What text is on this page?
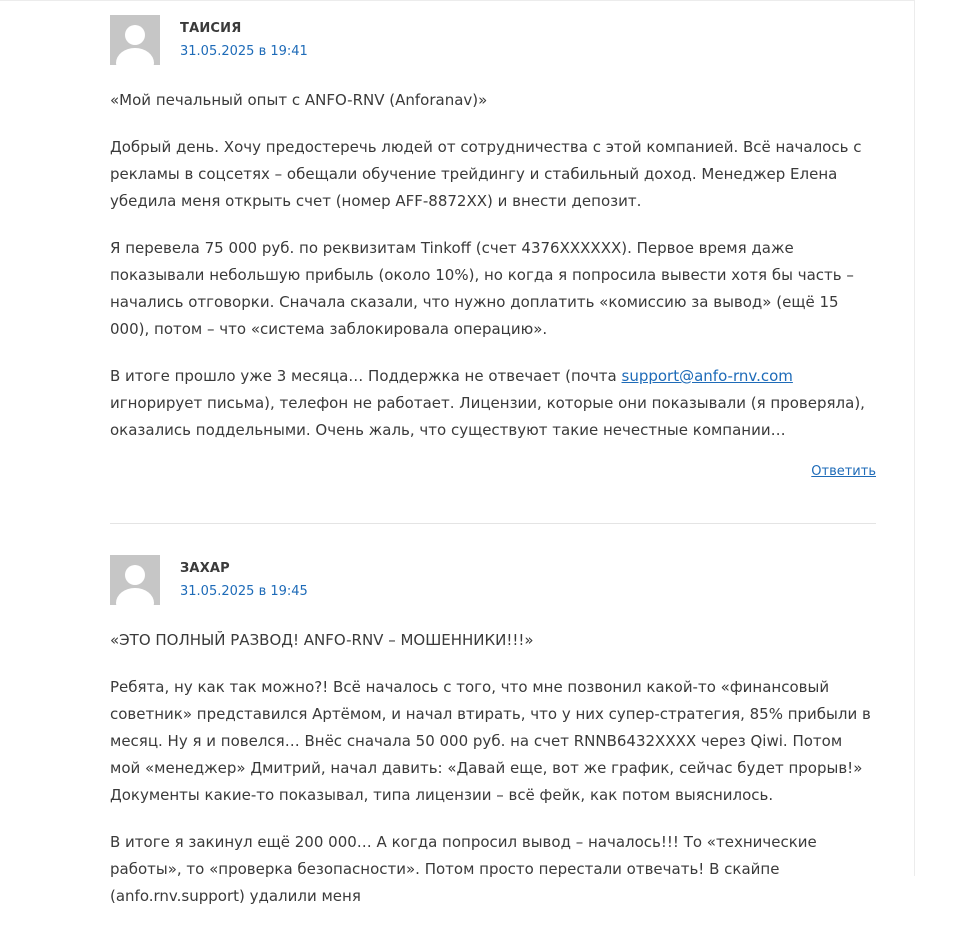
ТАИСИЯ
31.05.2025 в 19:41

«Мой печальный опыт с ANFO-RNV (Anforanav)»

Добрый день. Хочу предостеречь людей от сотрудничества с этой компанией. Всё началось с рекламы в соцсетях – обещали обучение трейдингу и стабильный доход. Менеджер Елена убедила меня открыть счет (номер AFF-8872XX) и внести депозит.

Я перевела 75 000 руб. по реквизитам Tinkoff (счет 4376XXXXXX). Первое время даже показывали небольшую прибыль (около 10%), но когда я попросила вывести хотя бы часть – начались отговорки. Сначала сказали, что нужно доплатить «комиссию за вывод» (ещё 15 000), потом – что «система заблокировала операцию».

В итоге прошло уже 3 месяца… Поддержка не отвечает (почта support@anfo-rnv.com игнорирует письма), телефон не работает. Лицензии, которые они показывали (я проверяла), оказались поддельными. Очень жаль, что существуют такие нечестные компании…

Ответить
ЗАХАР
31.05.2025 в 19:45

«ЭТО ПОЛНЫЙ РАЗВОД! ANFO-RNV – МОШЕННИКИ!!!»

Ребята, ну как так можно?! Всё началось с того, что мне позвонил какой-то «финансовый советник» представился Артёмом, и начал втирать, что у них супер-стратегия, 85% прибыли в месяц. Ну я и повелся… Внёс сначала 50 000 руб. на счет RNNB6432XXXX через Qiwi. Потом мой «менеджер» Дмитрий, начал давить: «Давай еще, вот же график, сейчас будет прорыв!» Документы какие-то показывал, типа лицензии – всё фейк, как потом выяснилось.

В итоге я закинул ещё 200 000… А когда попросил вывод – началось!!! То «технические работы», то «проверка безопасности». Потом просто перестали отвечать! В скайпе (anfo.rnv.support) удалили меня
